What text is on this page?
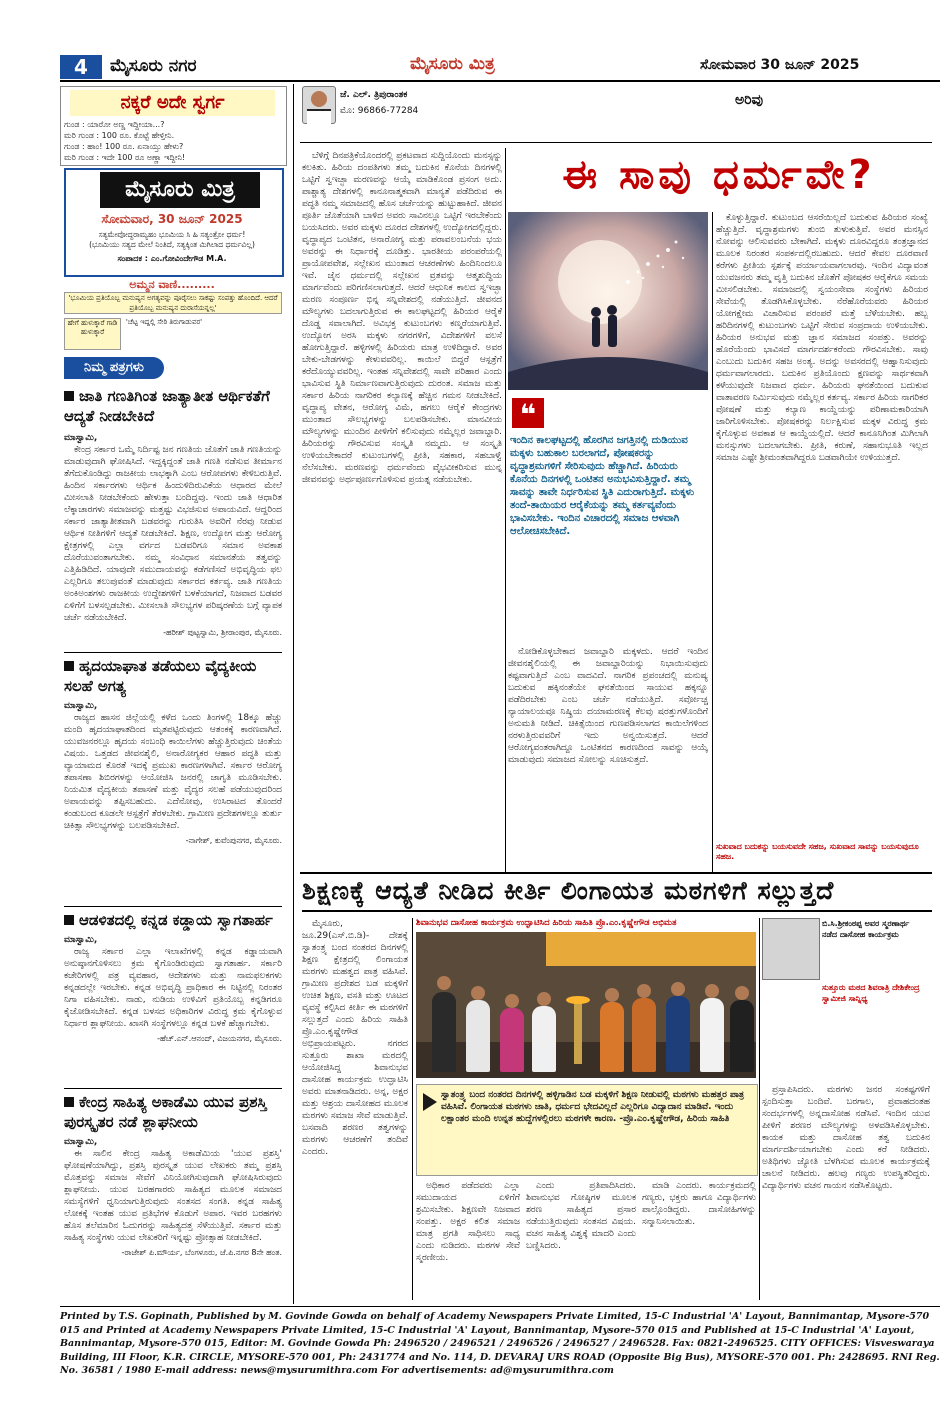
4	ಮೈಸೂರು ನಗರ	ಮೈಸೂರು ಮಿತ್ರ	ಸೋಮವಾರ 30 ಜೂನ್ 2025
ನಕ್ಕರೆ ಅದೇ ಸ್ವರ್ಗ
ಗುಂಡ : ಯಾರೋ ಅಣ್ಣ ಇದ್ದೀಯಾ...?
ಮರಿ ಗುಂಡ : 100 ರೂ. ಕೊಟ್ಟೆ ಹೇಳ್ತೀನಿ.
ಗುಂಡ : ಹಾಂ! 100 ರೂ. ಏನಾಯ್ತು ಹೇಳು?
ಮರಿ ಗುಂಡ : ಇದೇ 100 ರೂ ಅಣ್ಣಾ ಇದ್ದೀನಿ!
ಮೈಸೂರು ಮಿತ್ರ
ಸೋಮವಾರ, 30 ಜೂನ್ 2025
ಸತ್ಯಮೇವೋದ್ಧರಾಮ್ಯಹಂ ಭೂಮಿಯ ಸಿ ಹಿ ಸತ್ಯಂತ್ರೋ ಧರ್ಮ!
(ಭೂಮಿಯು ಸತ್ಯದ ಮೇಲೆ ನಿಂತಿದೆ, ಸತ್ಯಕ್ಕಿಂತ ಮಿಗಿಲಾದ ಧರ್ಮವಿಲ್ಲ)
ಸಂಪಾದಕ : ಎಂ.ಗೋವಿಂದೇಗೌಡ M.A.
ಅಮ್ಮನ ವಾಣಿ.........
'ಭೂಮಿಯ ಪ್ರತಿಯೊಬ್ಬ ಮನುಷ್ಯನ ಅಗತ್ಯವನ್ನು ಪೂರೈಸಲು ಸಾಕಷ್ಟು ಸಂಪತ್ತು ಹೊಂದಿದೆ. ಆದರೆ ಪ್ರತಿಯೊಬ್ಬ ಮನುಷ್ಯನ ದುರಾಸೆಯನ್ನಲ್ಲ'
ಹೇಗೆ ಹುಳುಕ್ಕಾರೆ ಗಾಡಿ ಹುಳುಕ್ಕಾರೆ
'ಚೆಟ್ಟ ಇದ್ದಲ್ಲಿ ಸೇಠಿ ತಿರುಗಾಡುವರ'
ನಿಮ್ಮ ಪತ್ರಗಳು
ಜಾತಿ ಗಣತಿಗಿಂತ ಜಾತ್ಯಾತೀತ ಆರ್ಥಿಕತೆಗೆ ಆದ್ಯತೆ ನೀಡಬೇಕಿದೆ
ಮಾಸ್ವಾಮಿ,

ಕೇಂದ್ರ ಸರ್ಕಾರ ಒಮ್ಮೆ ನಿರ್ದಿಷ್ಟ ಜನ ಗಣತಿಯ ಜೊತೆಗೆ ಜಾತಿ ಗಣತಿಯನ್ನು ಮಾಡುವುದಾಗಿ ಘೋಷಿಸಿದೆ. ಇದ್ದಕ್ಕಿದ್ದಂತೆ ಜಾತಿ ಗಣತಿ ನಡೆಸುವ ತೀರ್ಮಾನ ತೆಗೆದುಕೊಂಡಿದ್ದು ರಾಜಕೀಯ ಲಾಭಕ್ಕಾಗಿ ಎಂಬ ಆರೋಪಗಳು ಕೇಳಿಬರುತ್ತಿವೆ. ಹಿಂದಿನ ಸರ್ಕಾರಗಳು ಆರ್ಥಿಕ ಹಿಂದುಳಿದಿರುವಿಕೆಯ ಆಧಾರದ ಮೇಲೆ ಮೀಸಲಾತಿ ನೀಡಬೇಕೆಂದು ಹೇಳುತ್ತಾ ಬಂದಿದ್ದವು. ಇಂದು ಜಾತಿ ಆಧಾರಿತ ಲೆಕ್ಕಾಚಾರಗಳು ಸಮಾಜವನ್ನು ಮತ್ತಷ್ಟು ವಿಭಜಿಸುವ ಅಪಾಯವಿದೆ. ಆದ್ದರಿಂದ ಸರ್ಕಾರ ಜಾತ್ಯಾತೀತವಾಗಿ ಬಡವರನ್ನು ಗುರುತಿಸಿ ಅವರಿಗೆ ನೆರವು ನೀಡುವ ಆರ್ಥಿಕ ನೀತಿಗಳಿಗೆ ಆದ್ಯತೆ ನೀಡಬೇಕಿದೆ. ಶಿಕ್ಷಣ, ಉದ್ಯೋಗ ಮತ್ತು ಆರೋಗ್ಯ ಕ್ಷೇತ್ರಗಳಲ್ಲಿ ಎಲ್ಲಾ ವರ್ಗದ ಬಡವರಿಗೂ ಸಮಾನ ಅವಕಾಶ ದೊರೆಯುವಂತಾಗಬೇಕು. ನಮ್ಮ ಸಂವಿಧಾನ ಸಮಾನತೆಯ ತತ್ವವನ್ನು ಎತ್ತಿಹಿಡಿದಿದೆ. ಯಾವುದೇ ಸಮುದಾಯವನ್ನು ಕಡೆಗಣಿಸದೆ ಅಭಿವೃದ್ಧಿಯ ಫಲ ಎಲ್ಲರಿಗೂ ತಲುಪುವಂತೆ ಮಾಡುವುದು ಸರ್ಕಾರದ ಕರ್ತವ್ಯ. ಜಾತಿ ಗಣತಿಯ ಅಂಕಿಅಂಶಗಳು ರಾಜಕೀಯ ಉದ್ದೇಶಗಳಿಗೆ ಬಳಕೆಯಾಗದೆ, ನಿಜವಾದ ಬಡವರ ಏಳಿಗೆಗೆ ಬಳಸಲ್ಪಡಬೇಕು. ಮೀಸಲಾತಿ ಸೌಲಭ್ಯಗಳ ಪರಿಷ್ಕರಣೆಯ ಬಗ್ಗೆ ವ್ಯಾಪಕ ಚರ್ಚೆ ನಡೆಯಬೇಕಿದೆ.

-ಹರೀಶ್ ಪುಟ್ಟಸ್ವಾಮಿ, ಶ್ರೀರಾಂಪುರ, ಮೈಸೂರು.
ಹೃದಯಾಘಾತ ತಡೆಯಲು ವೈದ್ಯಕೀಯ ಸಲಹೆ ಅಗತ್ಯ
ಮಾಸ್ವಾಮಿ,

ರಾಜ್ಯದ ಹಾಸನ ಜಿಲ್ಲೆಯಲ್ಲಿ ಕಳೆದ ಒಂದು ತಿಂಗಳಲ್ಲಿ 18ಕ್ಕೂ ಹೆಚ್ಚು ಮಂದಿ ಹೃದಯಾಘಾತದಿಂದ ಮೃತಪಟ್ಟಿರುವುದು ಆತಂಕಕ್ಕೆ ಕಾರಣವಾಗಿದೆ. ಯುವಜನರಲ್ಲೂ ಹೃದಯ ಸಂಬಂಧಿ ಕಾಯಿಲೆಗಳು ಹೆಚ್ಚುತ್ತಿರುವುದು ಚಿಂತೆಯ ವಿಷಯ. ಒತ್ತಡದ ಜೀವನಶೈಲಿ, ಅನಾರೋಗ್ಯಕರ ಆಹಾರ ಪದ್ಧತಿ ಮತ್ತು ವ್ಯಾಯಾಮದ ಕೊರತೆ ಇದಕ್ಕೆ ಪ್ರಮುಖ ಕಾರಣಗಳಾಗಿವೆ. ಸರ್ಕಾರ ಆರೋಗ್ಯ ತಪಾಸಣಾ ಶಿಬಿರಗಳನ್ನು ಆಯೋಜಿಸಿ ಜನರಲ್ಲಿ ಜಾಗೃತಿ ಮೂಡಿಸಬೇಕು. ನಿಯಮಿತ ವೈದ್ಯಕೀಯ ತಪಾಸಣೆ ಮತ್ತು ವೈದ್ಯರ ಸಲಹೆ ಪಡೆಯುವುದರಿಂದ ಅಪಾಯವನ್ನು ತಪ್ಪಿಸಬಹುದು. ಎದೆನೋವು, ಉಸಿರಾಟದ ತೊಂದರೆ ಕಂಡುಬಂದ ಕೂಡಲೇ ಆಸ್ಪತ್ರೆಗೆ ತೆರಳಬೇಕು. ಗ್ರಾಮೀಣ ಪ್ರದೇಶಗಳಲ್ಲೂ ತುರ್ತು ಚಿಕಿತ್ಸಾ ಸೌಲಭ್ಯಗಳನ್ನು ಬಲಪಡಿಸಬೇಕಿದೆ.

-ನಾಗೇಶ್, ಕುವೆಂಪುನಗರ, ಮೈಸೂರು.
ಆಡಳಿತದಲ್ಲಿ ಕನ್ನಡ ಕಡ್ಡಾಯ ಸ್ವಾಗತಾರ್ಹ
ಮಾಸ್ವಾಮಿ,

ರಾಜ್ಯ ಸರ್ಕಾರ ಎಲ್ಲಾ ಇಲಾಖೆಗಳಲ್ಲಿ ಕನ್ನಡ ಕಡ್ಡಾಯವಾಗಿ ಅನುಷ್ಠಾನಗೊಳಿಸಲು ಕ್ರಮ ಕೈಗೊಂಡಿರುವುದು ಸ್ವಾಗತಾರ್ಹ. ಸರ್ಕಾರಿ ಕಚೇರಿಗಳಲ್ಲಿ ಪತ್ರ ವ್ಯವಹಾರ, ಆದೇಶಗಳು ಮತ್ತು ನಾಮಫಲಕಗಳು ಕನ್ನಡದಲ್ಲೇ ಇರಬೇಕು. ಕನ್ನಡ ಅಭಿವೃದ್ಧಿ ಪ್ರಾಧಿಕಾರ ಈ ನಿಟ್ಟಿನಲ್ಲಿ ನಿರಂತರ ನಿಗಾ ವಹಿಸಬೇಕು. ನಾಡು, ನುಡಿಯ ಉಳಿವಿಗೆ ಪ್ರತಿಯೊಬ್ಬ ಕನ್ನಡಿಗರೂ ಕೈಜೋಡಿಸಬೇಕಿದೆ. ಕನ್ನಡ ಬಳಸದ ಅಧಿಕಾರಿಗಳ ವಿರುದ್ಧ ಕ್ರಮ ಕೈಗೊಳ್ಳುವ ನಿರ್ಧಾರ ಶ್ಲಾಘನೀಯ. ಖಾಸಗಿ ಸಂಸ್ಥೆಗಳಲ್ಲೂ ಕನ್ನಡ ಬಳಕೆ ಹೆಚ್ಚಾಗಬೇಕು.

-ಹೆಚ್.ಎನ್.ಆನಂದ್, ವಿಜಯನಗರ, ಮೈಸೂರು.
ಕೇಂದ್ರ ಸಾಹಿತ್ಯ ಅಕಾಡೆಮಿ ಯುವ ಪ್ರಶಸ್ತಿ ಪುರಸ್ಕೃತರ ನಡೆ ಶ್ಲಾಘನೀಯ
ಮಾಸ್ವಾಮಿ,

ಈ ಸಾಲಿನ ಕೇಂದ್ರ ಸಾಹಿತ್ಯ ಅಕಾಡೆಮಿಯ 'ಯುವ ಪ್ರಶಸ್ತಿ' ಘೋಷಣೆಯಾಗಿದ್ದು, ಪ್ರಶಸ್ತಿ ಪುರಸ್ಕೃತ ಯುವ ಲೇಖಕರು ತಮ್ಮ ಪ್ರಶಸ್ತಿ ಮೊತ್ತವನ್ನು ಸಮಾಜ ಸೇವೆಗೆ ವಿನಿಯೋಗಿಸುವುದಾಗಿ ಘೋಷಿಸಿರುವುದು ಶ್ಲಾಘನೀಯ. ಯುವ ಬರಹಗಾರರು ಸಾಹಿತ್ಯದ ಮೂಲಕ ಸಮಾಜದ ಸಮಸ್ಯೆಗಳಿಗೆ ಧ್ವನಿಯಾಗುತ್ತಿರುವುದು ಸಂತಸದ ಸಂಗತಿ. ಕನ್ನಡ ಸಾಹಿತ್ಯ ಲೋಕಕ್ಕೆ ಇಂತಹ ಯುವ ಪ್ರತಿಭೆಗಳ ಕೊಡುಗೆ ಅಪಾರ. ಇವರ ಬರಹಗಳು ಹೊಸ ತಲೆಮಾರಿನ ಓದುಗರನ್ನು ಸಾಹಿತ್ಯದತ್ತ ಸೆಳೆಯುತ್ತಿವೆ. ಸರ್ಕಾರ ಮತ್ತು ಸಾಹಿತ್ಯ ಸಂಸ್ಥೆಗಳು ಯುವ ಲೇಖಕರಿಗೆ ಇನ್ನಷ್ಟು ಪ್ರೋತ್ಸಾಹ ನೀಡಬೇಕಿದೆ.

-ರಾಜೇಶ್ ಪಿ.ಮೌರ್ಯ, ಬೆಂಗಳೂರು, ಜೆ.ಪಿ.ನಗರ 8ನೇ ಹಂತ.
ಜೆ. ಎಲ್. ತ್ರಿಪುರಾಂತಕ
ಮೊ: 96866-77284
ಅರಿವು

ಬೆಳಿಗ್ಗೆ ದಿನಪತ್ರಿಕೆಯೊಂದರಲ್ಲಿ ಪ್ರಕಟವಾದ ಸುದ್ದಿಯೊಂದು ಮನಸ್ಸನ್ನು ಕಲಕಿತು. ಹಿರಿಯ ದಂಪತಿಗಳು ತಮ್ಮ ಬದುಕಿನ ಕೊನೆಯ ದಿನಗಳಲ್ಲಿ ಒಟ್ಟಿಗೆ ಸ್ವಇಚ್ಛಾ ಮರಣವನ್ನು ಆಯ್ಕೆ ಮಾಡಿಕೊಂಡ ಪ್ರಸಂಗ ಅದು. ಪಾಶ್ಚಾತ್ಯ ದೇಶಗಳಲ್ಲಿ ಕಾನೂನಾತ್ಮಕವಾಗಿ ಮಾನ್ಯತೆ ಪಡೆದಿರುವ ಈ ಪದ್ಧತಿ ನಮ್ಮ ಸಮಾಜದಲ್ಲಿ ಹೊಸ ಚರ್ಚೆಯನ್ನು ಹುಟ್ಟುಹಾಕಿದೆ. ಜೀವನ ಪೂರ್ತಿ ಜೊತೆಯಾಗಿ ಬಾಳಿದ ಅವರು ಸಾವಿನಲ್ಲೂ ಒಟ್ಟಿಗೆ ಇರಬೇಕೆಂದು ಬಯಸಿದರು. ಅವರ ಮಕ್ಕಳು ದೂರದ ದೇಶಗಳಲ್ಲಿ ಉದ್ಯೋಗದಲ್ಲಿದ್ದರು. ವೃದ್ಧಾಪ್ಯದ ಒಂಟಿತನ, ಅನಾರೋಗ್ಯ ಮತ್ತು ಪರಾವಲಂಬನೆಯ ಭಯ ಅವರನ್ನು ಈ ನಿರ್ಧಾರಕ್ಕೆ ದೂಡಿತ್ತು. ಭಾರತೀಯ ಪರಂಪರೆಯಲ್ಲಿ ಪ್ರಾಯೋಪವೇಶ, ಸಲ್ಲೇಖನ ಮುಂತಾದ ಆಚರಣೆಗಳು ಹಿಂದಿನಿಂದಲೂ ಇವೆ. ಜೈನ ಧರ್ಮದಲ್ಲಿ ಸಲ್ಲೇಖನ ವ್ರತವನ್ನು ಆತ್ಮಶುದ್ಧಿಯ ಮಾರ್ಗವೆಂದು ಪರಿಗಣಿಸಲಾಗುತ್ತದೆ. ಆದರೆ ಆಧುನಿಕ ಕಾಲದ ಸ್ವಇಚ್ಛಾ ಮರಣ ಸಂಪೂರ್ಣ ಭಿನ್ನ ಸನ್ನಿವೇಶದಲ್ಲಿ ನಡೆಯುತ್ತಿದೆ. ಜೀವನದ ಮೌಲ್ಯಗಳು ಬದಲಾಗುತ್ತಿರುವ ಈ ಕಾಲಘಟ್ಟದಲ್ಲಿ ಹಿರಿಯರ ಆರೈಕೆ ದೊಡ್ಡ ಸವಾಲಾಗಿದೆ. ಅವಿಭಕ್ತ ಕುಟುಂಬಗಳು ಕಣ್ಮರೆಯಾಗುತ್ತಿವೆ. ಉದ್ಯೋಗ ಅರಸಿ ಮಕ್ಕಳು ನಗರಗಳಿಗೆ, ವಿದೇಶಗಳಿಗೆ ವಲಸೆ ಹೋಗುತ್ತಿದ್ದಾರೆ. ಹಳ್ಳಿಗಳಲ್ಲಿ ಹಿರಿಯರು ಮಾತ್ರ ಉಳಿದಿದ್ದಾರೆ. ಅವರ ಬೇಕು-ಬೇಡಗಳನ್ನು ಕೇಳುವವರಿಲ್ಲ. ಕಾಯಿಲೆ ಬಿದ್ದರೆ ಆಸ್ಪತ್ರೆಗೆ ಕರೆದೊಯ್ಯುವವರಿಲ್ಲ. ಇಂತಹ ಸನ್ನಿವೇಶದಲ್ಲಿ ಸಾವೇ ಪರಿಹಾರ ಎಂದು ಭಾವಿಸುವ ಸ್ಥಿತಿ ನಿರ್ಮಾಣವಾಗುತ್ತಿರುವುದು ದುರಂತ. ಸಮಾಜ ಮತ್ತು ಸರ್ಕಾರ ಹಿರಿಯ ನಾಗರಿಕರ ಕಲ್ಯಾಣಕ್ಕೆ ಹೆಚ್ಚಿನ ಗಮನ ನೀಡಬೇಕಿದೆ. ವೃದ್ಧಾಪ್ಯ ವೇತನ, ಆರೋಗ್ಯ ವಿಮೆ, ಹಗಲು ಆರೈಕೆ ಕೇಂದ್ರಗಳು ಮುಂತಾದ ಸೌಲಭ್ಯಗಳನ್ನು ಬಲಪಡಿಸಬೇಕು. ಮಾನವೀಯ ಮೌಲ್ಯಗಳನ್ನು ಮುಂದಿನ ಪೀಳಿಗೆಗೆ ಕಲಿಸುವುದು ನಮ್ಮೆಲ್ಲರ ಜವಾಬ್ದಾರಿ. ಹಿರಿಯರನ್ನು ಗೌರವಿಸುವ ಸಂಸ್ಕೃತಿ ನಮ್ಮದು. ಆ ಸಂಸ್ಕೃತಿ ಉಳಿಯಬೇಕಾದರೆ ಕುಟುಂಬಗಳಲ್ಲಿ ಪ್ರೀತಿ, ಸಹಕಾರ, ಸಹಬಾಳ್ವೆ ನೆಲೆಸಬೇಕು. ಮರಣವನ್ನು ಧರ್ಮವೆಂದು ವೈಭವೀಕರಿಸುವ ಮುನ್ನ ಜೀವನವನ್ನು ಅರ್ಥಪೂರ್ಣಗೊಳಿಸುವ ಪ್ರಯತ್ನ ನಡೆಯಬೇಕು.

ಈ ಸಾವು ಧರ್ಮವೇ?
❝
ಇಂದಿನ ಕಾಲಘಟ್ಟದಲ್ಲಿ ಹೊರಗಿನ ಜಗತ್ತಿನಲ್ಲಿ ದುಡಿಯುವ ಮಕ್ಕಳು ಬಹುಕಾಲ ಬರಲಾಗದೆ, ಪೋಷಕರನ್ನು ವೃದ್ಧಾಶ್ರಮಗಳಿಗೆ ಸೇರಿಸುವುದು ಹೆಚ್ಚಾಗಿದೆ. ಹಿರಿಯರು ಕೊನೆಯ ದಿನಗಳಲ್ಲಿ ಒಂಟಿತನ ಅನುಭವಿಸುತ್ತಿದ್ದಾರೆ. ತಮ್ಮ ಸಾವನ್ನು ತಾವೇ ನಿರ್ಧರಿಸುವ ಸ್ಥಿತಿ ಎದುರಾಗುತ್ತಿದೆ. ಮಕ್ಕಳು ತಂದೆ-ತಾಯಿಯರ ಆರೈಕೆಯನ್ನು ತಮ್ಮ ಕರ್ತವ್ಯವೆಂದು ಭಾವಿಸಬೇಕು. ಇಂದಿನ ವಿಚಾರದಲ್ಲಿ ಸಮಾಜ ಆಳವಾಗಿ ಆಲೋಚಿಸಬೇಕಿದೆ.

ನೋಡಿಕೊಳ್ಳಬೇಕಾದ ಜವಾಬ್ದಾರಿ ಮಕ್ಕಳದು. ಆದರೆ ಇಂದಿನ ಜೀವನಶೈಲಿಯಲ್ಲಿ ಈ ಜವಾಬ್ದಾರಿಯನ್ನು ನಿಭಾಯಿಸುವುದು ಕಷ್ಟವಾಗುತ್ತಿದೆ ಎಂಬ ವಾದವಿದೆ. ನಾಗರಿಕ ಪ್ರಪಂಚದಲ್ಲಿ ಮನುಷ್ಯ ಬದುಕುವ ಹಕ್ಕಿನಂತೆಯೇ ಘನತೆಯಿಂದ ಸಾಯುವ ಹಕ್ಕನ್ನೂ ಪಡೆದಿರಬೇಕು ಎಂಬ ಚರ್ಚೆ ನಡೆಯುತ್ತಿದೆ. ಸರ್ವೋಚ್ಚ ನ್ಯಾಯಾಲಯವೂ ನಿಷ್ಕ್ರಿಯ ದಯಾಮರಣಕ್ಕೆ ಕೆಲವು ಷರತ್ತುಗಳೊಂದಿಗೆ ಅನುಮತಿ ನೀಡಿದೆ. ಚಿಕಿತ್ಸೆಯಿಂದ ಗುಣಪಡಿಸಲಾಗದ ಕಾಯಿಲೆಗಳಿಂದ ನರಳುತ್ತಿರುವವರಿಗೆ ಇದು ಅನ್ವಯಿಸುತ್ತದೆ. ಆದರೆ ಆರೋಗ್ಯವಂತರಾಗಿದ್ದೂ ಒಂಟಿತನದ ಕಾರಣದಿಂದ ಸಾವನ್ನು ಆಯ್ಕೆ ಮಾಡುವುದು ಸಮಾಜದ ಸೋಲನ್ನು ಸೂಚಿಸುತ್ತದೆ.

ಕೊಳ್ಳುತ್ತಿದ್ದಾರೆ. ಕುಟುಂಬದ ಆಸರೆಯಿಲ್ಲದೆ ಬದುಕುವ ಹಿರಿಯರ ಸಂಖ್ಯೆ ಹೆಚ್ಚುತ್ತಿದೆ. ವೃದ್ಧಾಶ್ರಮಗಳು ತುಂಬಿ ತುಳುಕುತ್ತಿವೆ. ಅವರ ಮನಸ್ಸಿನ ನೋವನ್ನು ಆಲಿಸುವವರು ಬೇಕಾಗಿದೆ. ಮಕ್ಕಳು ದೂರವಿದ್ದರೂ ತಂತ್ರಜ್ಞಾನದ ಮೂಲಕ ನಿರಂತರ ಸಂಪರ್ಕದಲ್ಲಿರಬಹುದು. ಆದರೆ ಕೇವಲ ದೂರವಾಣಿ ಕರೆಗಳು ಪ್ರೀತಿಯ ಸ್ಪರ್ಶಕ್ಕೆ ಪರ್ಯಾಯವಾಗಲಾರವು. ಇಂದಿನ ವಿದ್ಯಾವಂತ ಯುವಜನರು ತಮ್ಮ ವೃತ್ತಿ ಬದುಕಿನ ಜೊತೆಗೆ ಪೋಷಕರ ಆರೈಕೆಗೂ ಸಮಯ ಮೀಸಲಿಡಬೇಕು. ಸಮಾಜದಲ್ಲಿ ಸ್ವಯಂಸೇವಾ ಸಂಸ್ಥೆಗಳು ಹಿರಿಯರ ಸೇವೆಯಲ್ಲಿ ತೊಡಗಿಸಿಕೊಳ್ಳಬೇಕು. ನೆರೆಹೊರೆಯವರು ಹಿರಿಯರ ಯೋಗಕ್ಷೇಮ ವಿಚಾರಿಸುವ ಪರಂಪರೆ ಮತ್ತೆ ಬೆಳೆಯಬೇಕು. ಹಬ್ಬ ಹರಿದಿನಗಳಲ್ಲಿ ಕುಟುಂಬಗಳು ಒಟ್ಟಿಗೆ ಸೇರುವ ಸಂಪ್ರದಾಯ ಉಳಿಯಬೇಕು. ಹಿರಿಯರ ಅನುಭವ ಮತ್ತು ಜ್ಞಾನ ಸಮಾಜದ ಸಂಪತ್ತು. ಅವರನ್ನು ಹೊರೆಯೆಂದು ಭಾವಿಸದೆ ಮಾರ್ಗದರ್ಶಕರೆಂದು ಗೌರವಿಸಬೇಕು. ಸಾವು ಎಂಬುದು ಬದುಕಿನ ಸಹಜ ಅಂತ್ಯ. ಅದನ್ನು ಅವಸರದಲ್ಲಿ ಆಹ್ವಾನಿಸುವುದು ಧರ್ಮವಾಗಲಾರದು. ಬದುಕಿನ ಪ್ರತಿಯೊಂದು ಕ್ಷಣವನ್ನು ಸಾರ್ಥಕವಾಗಿ ಕಳೆಯುವುದೇ ನಿಜವಾದ ಧರ್ಮ. ಹಿರಿಯರು ಘನತೆಯಿಂದ ಬದುಕುವ ವಾತಾವರಣ ನಿರ್ಮಿಸುವುದು ನಮ್ಮೆಲ್ಲರ ಕರ್ತವ್ಯ. ಸರ್ಕಾರ ಹಿರಿಯ ನಾಗರಿಕರ ಪೋಷಣೆ ಮತ್ತು ಕಲ್ಯಾಣ ಕಾಯ್ದೆಯನ್ನು ಪರಿಣಾಮಕಾರಿಯಾಗಿ ಜಾರಿಗೊಳಿಸಬೇಕು. ಪೋಷಕರನ್ನು ನಿರ್ಲಕ್ಷಿಸುವ ಮಕ್ಕಳ ವಿರುದ್ಧ ಕ್ರಮ ಕೈಗೊಳ್ಳುವ ಅವಕಾಶ ಆ ಕಾಯ್ದೆಯಲ್ಲಿದೆ. ಆದರೆ ಕಾನೂನಿಗಿಂತ ಮಿಗಿಲಾಗಿ ಮನಸ್ಸುಗಳು ಬದಲಾಗಬೇಕು. ಪ್ರೀತಿ, ಕರುಣೆ, ಸಹಾನುಭೂತಿ ಇಲ್ಲದ ಸಮಾಜ ಎಷ್ಟೇ ಶ್ರೀಮಂತವಾಗಿದ್ದರೂ ಬಡವಾಗಿಯೇ ಉಳಿಯುತ್ತದೆ.

ಸುಖವಾದ ಬದುಕನ್ನು ಬಯಸುವದೇ ಸಹಜ, ಸುಖವಾದ ಸಾವನ್ನು ಬಯಸುವುದೂ ಸಹಜ.
ಶಿಕ್ಷಣಕ್ಕೆ ಆದ್ಯತೆ ನೀಡಿದ ಕೀರ್ತಿ ಲಿಂಗಾಯತ ಮಠಗಳಿಗೆ ಸಲ್ಲುತ್ತದೆ

ಮೈಸೂರು, ಜೂ.29(ಎಸ್.ಬಿ.ಡಿ)- ದೇಶಕ್ಕೆ ಸ್ವಾತಂತ್ರ್ಯ ಬಂದ ನಂತರದ ದಿನಗಳಲ್ಲಿ ಶಿಕ್ಷಣ ಕ್ಷೇತ್ರದಲ್ಲಿ ಲಿಂಗಾಯತ ಮಠಗಳು ಮಹತ್ವದ ಪಾತ್ರ ವಹಿಸಿವೆ. ಗ್ರಾಮೀಣ ಪ್ರದೇಶದ ಬಡ ಮಕ್ಕಳಿಗೆ ಉಚಿತ ಶಿಕ್ಷಣ, ವಸತಿ ಮತ್ತು ಊಟದ ವ್ಯವಸ್ಥೆ ಕಲ್ಪಿಸಿದ ಕೀರ್ತಿ ಈ ಮಠಗಳಿಗೆ ಸಲ್ಲುತ್ತದೆ ಎಂದು ಹಿರಿಯ ಸಾಹಿತಿ ಪ್ರೊ.ಎಂ.ಕೃಷ್ಣೇಗೌಡ ಅಭಿಪ್ರಾಯಪಟ್ಟರು. ನಗರದ ಸುತ್ತೂರು ಶಾಖಾ ಮಠದಲ್ಲಿ ಆಯೋಜಿಸಿದ್ದ ಶಿವಾನುಭವ ದಾಸೋಹ ಕಾರ್ಯಕ್ರಮ ಉದ್ಘಾಟಿಸಿ ಅವರು ಮಾತನಾಡಿದರು. ಅನ್ನ, ಅಕ್ಷರ ಮತ್ತು ಆಶ್ರಯ ದಾಸೋಹದ ಮೂಲಕ ಮಠಗಳು ಸಮಾಜ ಸೇವೆ ಮಾಡುತ್ತಿವೆ. ಬಸವಾದಿ ಶರಣರ ತತ್ವಗಳನ್ನು ಮಠಗಳು ಆಚರಣೆಗೆ ತಂದಿವೆ ಎಂದರು.

ಶಿವಾನುಭವ ದಾಸೋಹ ಕಾರ್ಯಕ್ರಮ ಉದ್ಘಾಟಿಸಿದ ಹಿರಿಯ ಸಾಹಿತಿ ಪ್ರೊ.ಎಂ.ಕೃಷ್ಣೇಗೌಡ ಅಭಿಮತ	ಬಿ.ಸಿ.ಶ್ರೀಕಂಠಪ್ಪ ಅವರ ಸ್ಮರಣಾರ್ಥ ನಡೆದ ದಾಸೋಹ ಕಾರ್ಯಕ್ರಮ
ಸುತ್ತೂರು ಮಠದ ಶಿವರಾತ್ರಿ ದೇಶಿಕೇಂದ್ರ ಸ್ವಾಮೀಜಿ ಸಾನ್ನಿಧ್ಯ
ಸ್ವಾತಂತ್ರ್ಯ ಬಂದ ನಂತರದ ದಿನಗಳಲ್ಲಿ ಹಳ್ಳಿಗಾಡಿನ ಬಡ ಮಕ್ಕಳಿಗೆ ಶಿಕ್ಷಣ ನೀಡುವಲ್ಲಿ ಮಠಗಳು ಮಹತ್ತರ ಪಾತ್ರ ವಹಿಸಿವೆ. ಲಿಂಗಾಯತ ಮಠಗಳು ಜಾತಿ, ಧರ್ಮದ ಭೇದವಿಲ್ಲದೆ ಎಲ್ಲರಿಗೂ ವಿದ್ಯಾದಾನ ಮಾಡಿವೆ. ಇಂದು ಲಕ್ಷಾಂತರ ಮಂದಿ ಉನ್ನತ ಹುದ್ದೆಗಳಲ್ಲಿರಲು ಮಠಗಳೇ ಕಾರಣ. -ಪ್ರೊ.ಎಂ.ಕೃಷ್ಣೇಗೌಡ, ಹಿರಿಯ ಸಾಹಿತಿ

ಅಧಿಕಾರ ಪಡೆದವರು ಎಲ್ಲಾ ಸಮುದಾಯದ ಏಳಿಗೆಗೆ ಶ್ರಮಿಸಬೇಕು. ಶಿಕ್ಷಣವೇ ನಿಜವಾದ ಸಂಪತ್ತು. ಅಕ್ಷರ ಕಲಿತ ಸಮಾಜ ಮಾತ್ರ ಪ್ರಗತಿ ಸಾಧಿಸಲು ಸಾಧ್ಯ ಎಂದು ನುಡಿದರು. ಮಠಗಳ ಸೇವೆ ಸ್ಮರಣೀಯ.

ಎಂದು ಪ್ರತಿಪಾದಿಸಿದರು. ಶಿವಾನುಭವ ಗೋಷ್ಠಿಗಳ ಮೂಲಕ ಶರಣ ಸಾಹಿತ್ಯದ ಪ್ರಸಾರ ನಡೆಯುತ್ತಿರುವುದು ಸಂತಸದ ವಿಷಯ. ವಚನ ಸಾಹಿತ್ಯ ವಿಶ್ವಕ್ಕೆ ಮಾದರಿ ಎಂದು ಬಣ್ಣಿಸಿದರು.

ಮಾಡಿ ಎಂದರು. ಕಾರ್ಯಕ್ರಮದಲ್ಲಿ ಗಣ್ಯರು, ಭಕ್ತರು ಹಾಗೂ ವಿದ್ಯಾರ್ಥಿಗಳು ಪಾಲ್ಗೊಂಡಿದ್ದರು. ದಾಸೋಹಿಗಳನ್ನು ಸನ್ಮಾನಿಸಲಾಯಿತು.

ಪ್ರಸ್ತಾಪಿಸಿದರು. ಮಠಗಳು ಜನರ ಸಂಕಷ್ಟಗಳಿಗೆ ಸ್ಪಂದಿಸುತ್ತಾ ಬಂದಿವೆ. ಬರಗಾಲ, ಪ್ರವಾಹದಂತಹ ಸಂದರ್ಭಗಳಲ್ಲಿ ಅನ್ನದಾಸೋಹ ನಡೆಸಿವೆ. ಇಂದಿನ ಯುವ ಪೀಳಿಗೆ ಶರಣರ ಮೌಲ್ಯಗಳನ್ನು ಅಳವಡಿಸಿಕೊಳ್ಳಬೇಕು. ಕಾಯಕ ಮತ್ತು ದಾಸೋಹ ತತ್ವ ಬದುಕಿನ ಮಾರ್ಗದರ್ಶಿಯಾಗಬೇಕು ಎಂದು ಕರೆ ನೀಡಿದರು. ಅತಿಥಿಗಳು ಜ್ಯೋತಿ ಬೆಳಗಿಸುವ ಮೂಲಕ ಕಾರ್ಯಕ್ರಮಕ್ಕೆ ಚಾಲನೆ ನೀಡಿದರು. ಹಲವು ಗಣ್ಯರು ಉಪಸ್ಥಿತರಿದ್ದರು. ವಿದ್ಯಾರ್ಥಿಗಳು ವಚನ ಗಾಯನ ನಡೆಸಿಕೊಟ್ಟರು.

Printed by T.S. Gopinath, Published by M. Govinde Gowda on behalf of Academy Newspapers Private Limited, 15-C Industrial 'A' Layout, Bannimantap, Mysore-570 015 and Printed at Academy Newspapers Private Limited, 15-C Industrial 'A' Layout, Bannimantap, Mysore-570 015 and Published at 15-C Industrial 'A' Layout, Bannimantap, Mysore-570 015, Editor: M. Govinde Gowda Ph: 2496520 / 2496521 / 2496526 / 2496527 / 2496528. Fax: 0821-2496525. CITY OFFICES: Visveswaraya Building, III Floor, K.R. CIRCLE, MYSORE-570 001, Ph: 2431774 and No. 114, D. DEVARAJ URS ROAD (Opposite Big Bus), MYSORE-570 001. Ph: 2428695. RNI Reg. No. 36581 / 1980 E-mail address: news@mysurumithra.com For advertisements: ad@mysurumithra.com
